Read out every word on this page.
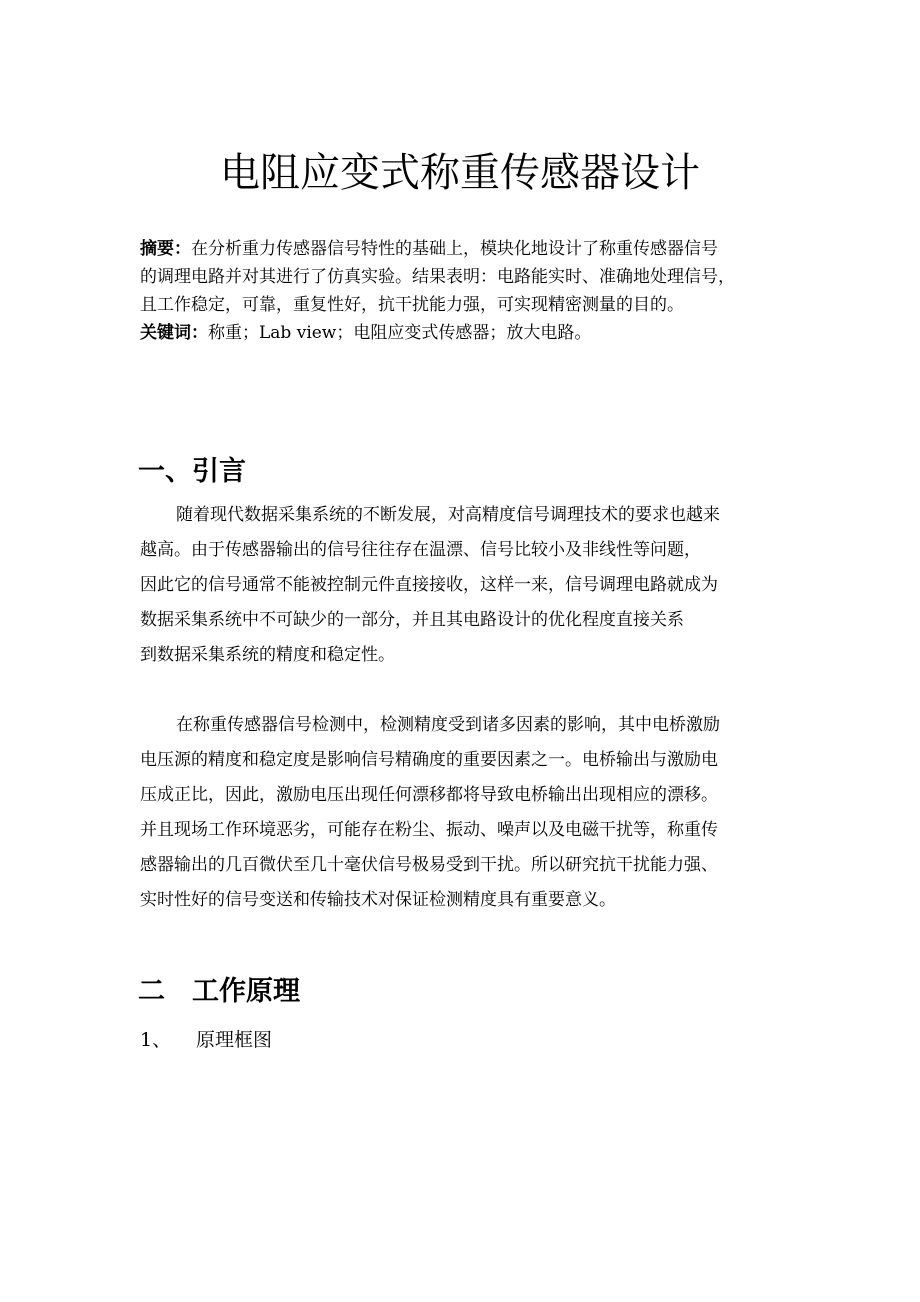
电阻应变式称重传感器设计
摘要：在分析重力传感器信号特性的基础上，模块化地设计了称重传感器信号
的调理电路并对其进行了仿真实验。结果表明：电路能实时、准确地处理信号，
且工作稳定，可靠，重复性好，抗干扰能力强，可实现精密测量的目的。
关键词：称重；Lab view；电阻应变式传感器；放大电路。
一、引言
随着现代数据采集系统的不断发展，对高精度信号调理技术的要求也越来
越高。由于传感器输出的信号往往存在温漂、信号比较小及非线性等问题，
因此它的信号通常不能被控制元件直接接收，这样一来，信号调理电路就成为
数据采集系统中不可缺少的一部分，并且其电路设计的优化程度直接关系
到数据采集系统的精度和稳定性。
在称重传感器信号检测中，检测精度受到诸多因素的影响，其中电桥激励
电压源的精度和稳定度是影响信号精确度的重要因素之一。电桥输出与激励电
压成正比，因此，激励电压出现任何漂移都将导致电桥输出出现相应的漂移。
并且现场工作环境恶劣，可能存在粉尘、振动、噪声以及电磁干扰等，称重传
感器输出的几百微伏至几十毫伏信号极易受到干扰。所以研究抗干扰能力强、
实时性好的信号变送和传输技术对保证检测精度具有重要意义。
二　工作原理
1、 原理框图
